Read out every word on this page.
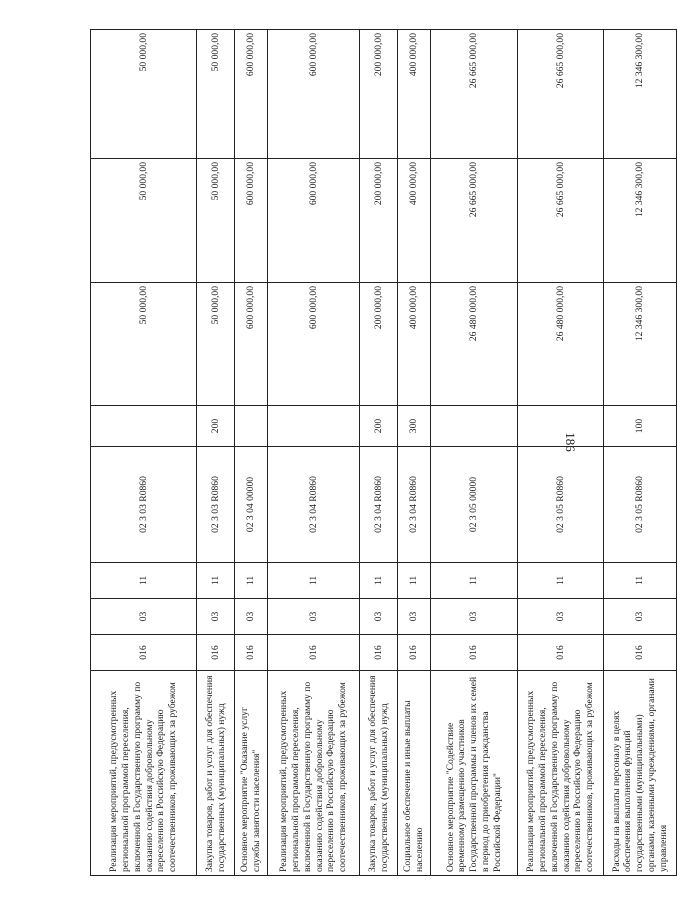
186
Реализация мероприятий, предусмотренных региональной программой переселения, включенной в Государственную программу по оказанию содействия добровольному переселению в Российскую Федерацию соотечественников, проживающих за рубежом	016	03	11	02 3 03 R0860		50 000,00	50 000,00	50 000,00
Закупка товаров, работ и услуг для обеспечения государственных (муниципальных) нужд	016	03	11	02 3 03 R0860	200	50 000,00	50 000,00	50 000,00
Основное мероприятие "Оказание услуг службы занятости населения"	016	03	11	02 3 04 00000		600 000,00	600 000,00	600 000,00
Реализация мероприятий, предусмотренных региональной программой переселения, включенной в Государственную программу по оказанию содействия добровольному переселению в Российскую Федерацию соотечественников, проживающих за рубежом	016	03	11	02 3 04 R0860		600 000,00	600 000,00	600 000,00
Закупка товаров, работ и услуг для обеспечения государственных (муниципальных) нужд	016	03	11	02 3 04 R0860	200	200 000,00	200 000,00	200 000,00
Социальное обеспечение и иные выплаты населению	016	03	11	02 3 04 R0860	300	400 000,00	400 000,00	400 000,00
Основное мероприятие "Содействие временному размещению участников Государственной программы и членов их семей в период до приобретения гражданства Российской Федерации"	016	03	11	02 3 05 00000		26 480 000,00	26 665 000,00	26 665 000,00
Реализация мероприятий, предусмотренных региональной программой переселения, включенной в Государственную программу по оказанию содействия добровольному переселению в Российскую Федерацию соотечественников, проживающих за рубежом	016	03	11	02 3 05 R0860		26 480 000,00	26 665 000,00	26 665 000,00
Расходы на выплаты персоналу в целях обеспечения выполнения функций государственными (муниципальными) органами, казенными учреждениями, органами управления	016	03	11	02 3 05 R0860	100	12 346 300,00	12 346 300,00	12 346 300,00
